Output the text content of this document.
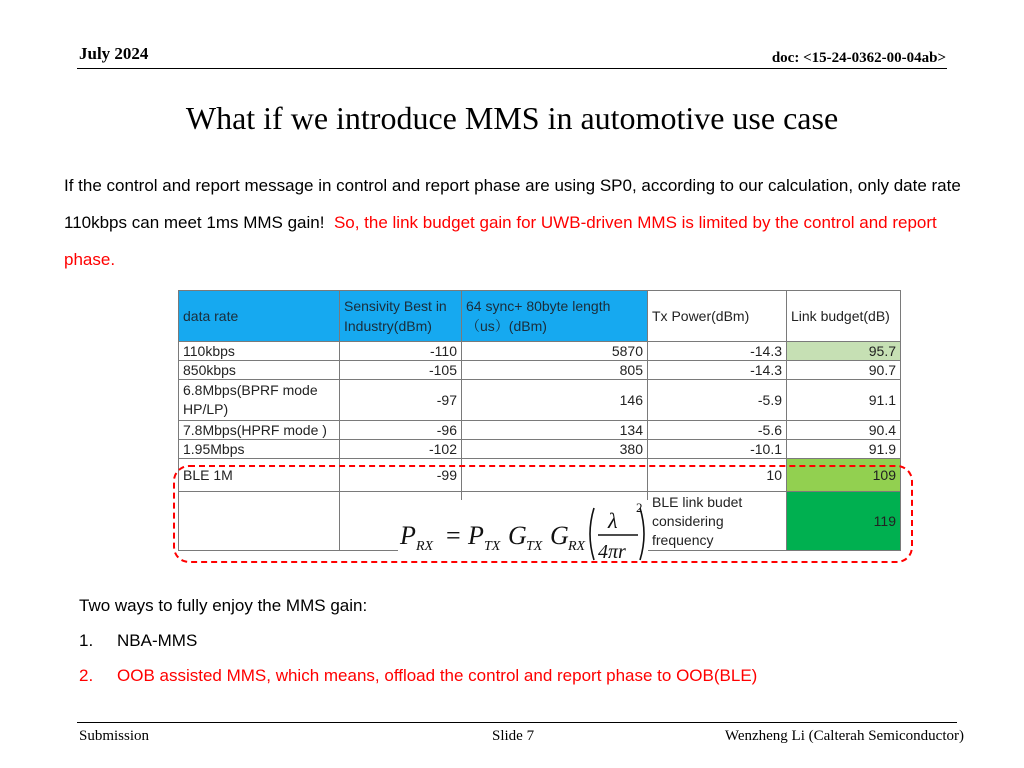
July 2024	doc: <15-24-0362-00-04ab>
What if we introduce MMS in automotive use case
If the control and report message in control and report phase are using SP0, according to our calculation, only date rate 110kbps can meet 1ms MMS gain! So, the link budget gain for UWB-driven MMS is limited by the control and report phase.
data rate	Sensivity Best in Industry(dBm)	64 sync+ 80byte length（us）(dBm)	Tx Power(dBm)	Link budget(dB)
110kbps	-110	5870	-14.3	95.7
850kbps	-105	805	-14.3	90.7
6.8Mbps(BPRF mode HP/LP)	-97	146	-5.9	91.1
7.8Mbps(HPRF mode )	-96	134	-5.6	90.4
1.95Mbps	-102	380	-10.1	91.9
BLE 1M	-99		10	109
			BLE link budet considering frequency	119
P RX = P TX G TX G RX
λ
4πr
2
Two ways to fully enjoy the MMS gain:
1. NBA-MMS
2. OOB assisted MMS, which means, offload the control and report phase to OOB(BLE)
Submission	Slide 7	Wenzheng Li (Calterah Semiconductor)
